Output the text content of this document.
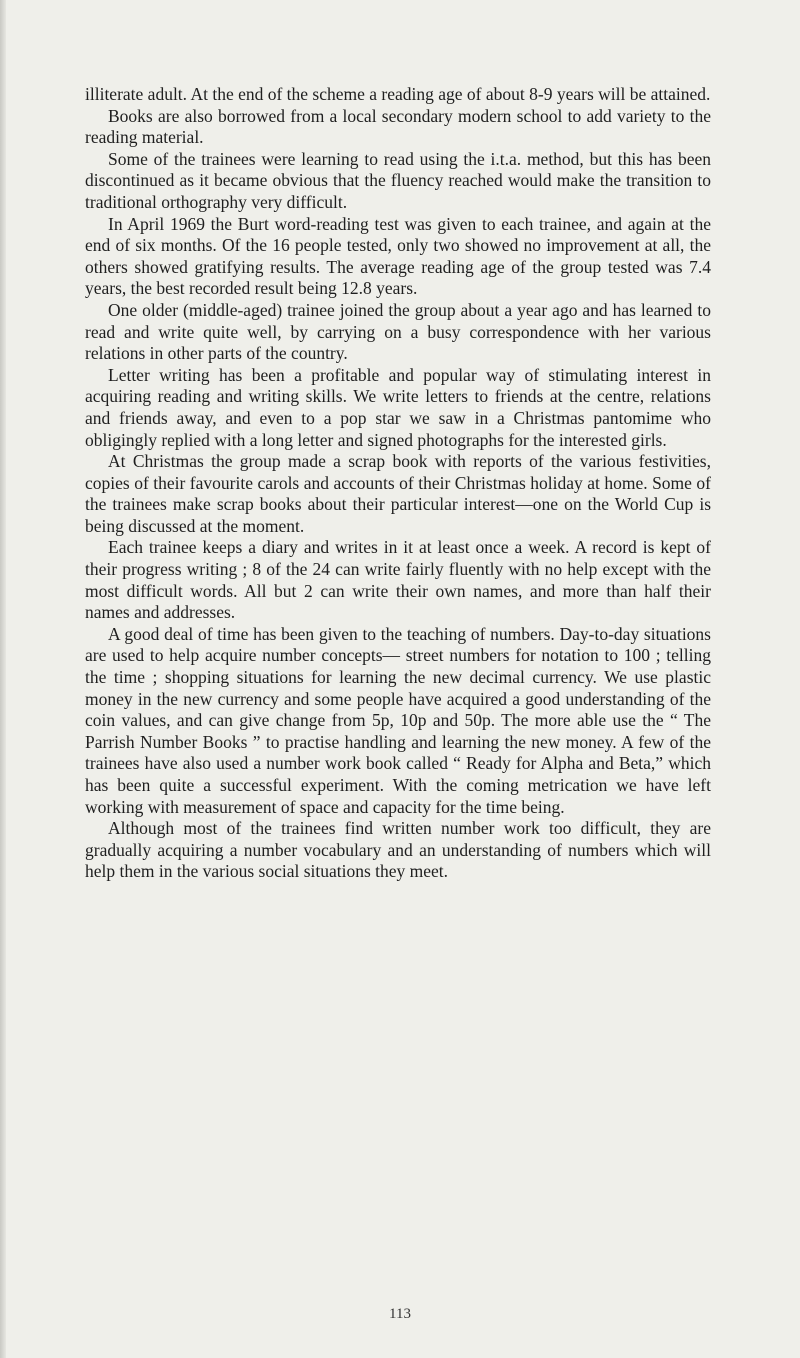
illiterate adult. At the end of the scheme a reading age of about 8-9 years will be attained.

Books are also borrowed from a local secondary modern school to add variety to the reading material.

Some of the trainees were learning to read using the i.t.a. method, but this has been discontinued as it became obvious that the fluency reached would make the transition to traditional orthography very difficult.

In April 1969 the Burt word-reading test was given to each trainee, and again at the end of six months. Of the 16 people tested, only two showed no improvement at all, the others showed gratifying results. The average reading age of the group tested was 7.4 years, the best recorded result being 12.8 years.

One older (middle-aged) trainee joined the group about a year ago and has learned to read and write quite well, by carrying on a busy correspondence with her various relations in other parts of the country.

Letter writing has been a profitable and popular way of stimulating interest in acquiring reading and writing skills. We write letters to friends at the centre, relations and friends away, and even to a pop star we saw in a Christmas pantomime who obligingly replied with a long letter and signed photographs for the interested girls.

At Christmas the group made a scrap book with reports of the various festivities, copies of their favourite carols and accounts of their Christmas holiday at home. Some of the trainees make scrap books about their particular interest—one on the World Cup is being discussed at the moment.

Each trainee keeps a diary and writes in it at least once a week. A record is kept of their progress writing ; 8 of the 24 can write fairly fluently with no help except with the most difficult words. All but 2 can write their own names, and more than half their names and addresses.

A good deal of time has been given to the teaching of numbers. Day-to-day situations are used to help acquire number concepts— street numbers for notation to 100 ; telling the time ; shopping situations for learning the new decimal currency. We use plastic money in the new currency and some people have acquired a good understanding of the coin values, and can give change from 5p, 10p and 50p. The more able use the “ The Parrish Number Books ” to practise handling and learning the new money. A few of the trainees have also used a number work book called “ Ready for Alpha and Beta,” which has been quite a successful experiment. With the coming metrication we have left working with measurement of space and capacity for the time being.

Although most of the trainees find written number work too difficult, they are gradually acquiring a number vocabulary and an understanding of numbers which will help them in the various social situations they meet.

113
